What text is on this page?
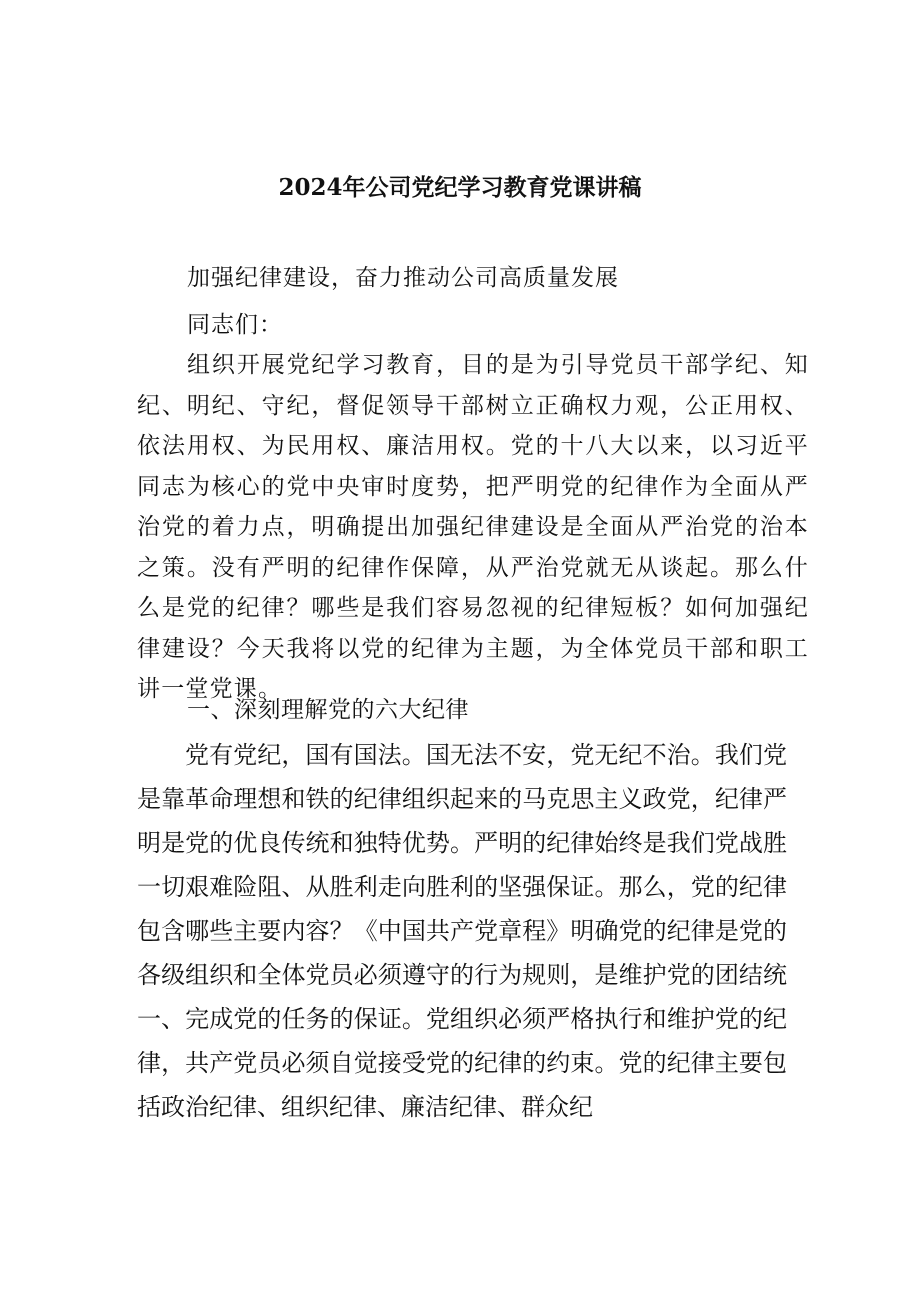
2024年公司党纪学习教育党课讲稿
加强纪律建设，奋力推动公司高质量发展
同志们：

组织开展党纪学习教育，目的是为引导党员干部学纪、知纪、明纪、守纪，督促领导干部树立正确权力观，公正用权、依法用权、为民用权、廉洁用权。党的十八大以来，以习近平同志为核心的党中央审时度势，把严明党的纪律作为全面从严治党的着力点，明确提出加强纪律建设是全面从严治党的治本之策。没有严明的纪律作保障，从严治党就无从谈起。那么什么是党的纪律？哪些是我们容易忽视的纪律短板？如何加强纪律建设？今天我将以党的纪律为主题，为全体党员干部和职工讲一堂党课。

一、深刻理解党的六大纪律

党有党纪，国有国法。国无法不安，党无纪不治。我们党是靠革命理想和铁的纪律组织起来的马克思主义政党，纪律严明是党的优良传统和独特优势。严明的纪律始终是我们党战胜一切艰难险阻、从胜利走向胜利的坚强保证。那么，党的纪律包含哪些主要内容？《中国共产党章程》明确党的纪律是党的各级组织和全体党员必须遵守的行为规则，是维护党的团结统一、完成党的任务的保证。党组织必须严格执行和维护党的纪律，共产党员必须自觉接受党的纪律的约束。党的纪律主要包括政治纪律、组织纪律、廉洁纪律、群众纪
